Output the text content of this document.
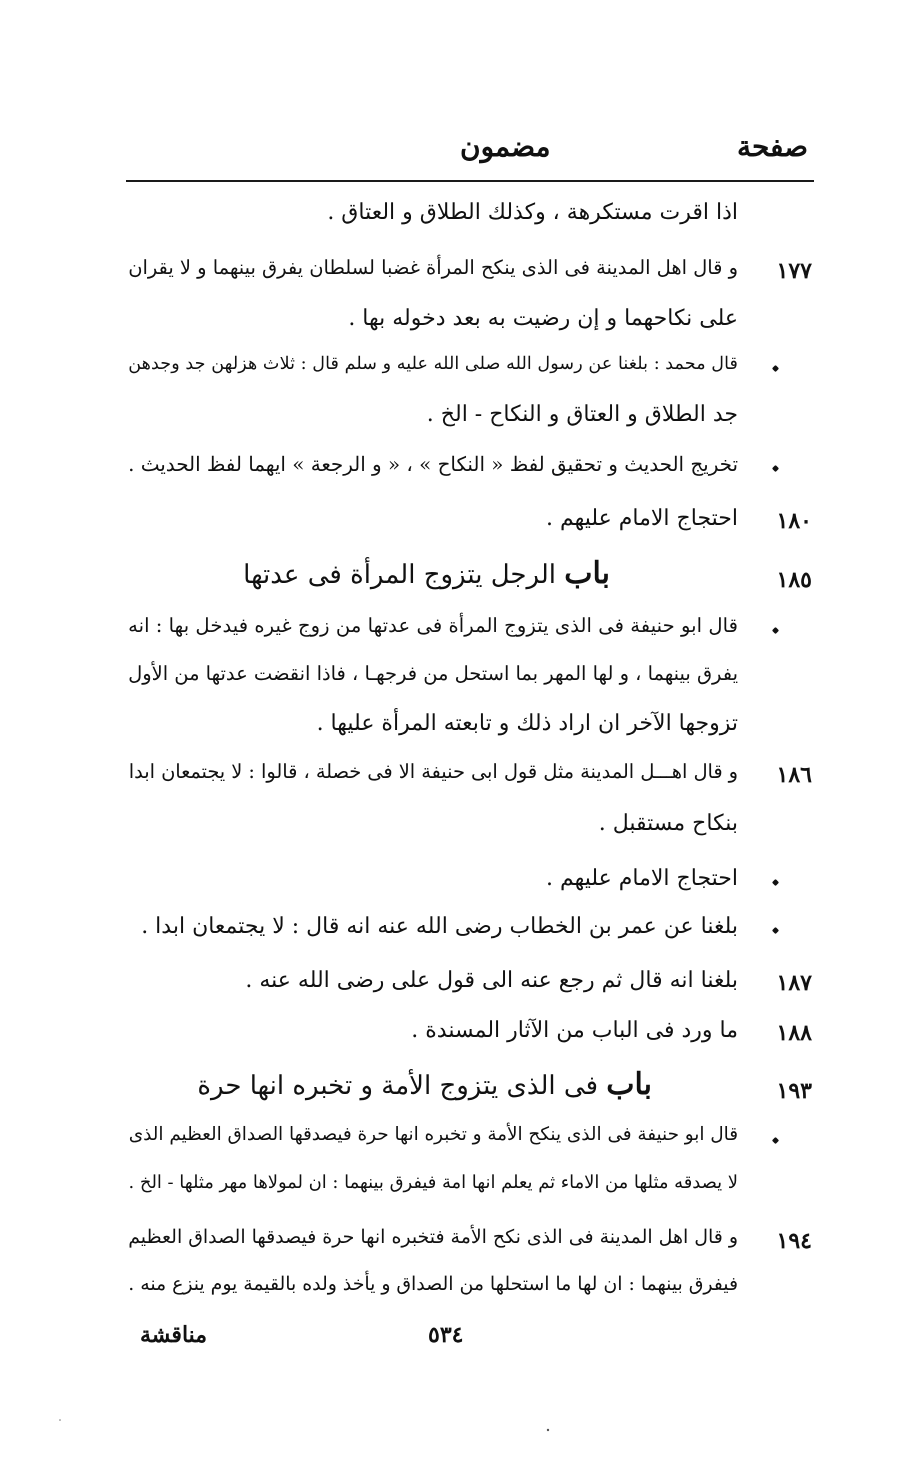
صفحة
مضمون
اذا اقرت مستكرهة ، وكذلك الطلاق و العتاق .
١٧٧
و قال اهل المدينة فى الذى ينكح المرأة غضبا لسلطان يفرق بينهما و لا يقران
على نكاحهما و إن رضيت به بعد دخوله بها .
قال محمد : بلغنا عن رسول الله صلى الله عليه و سلم قال : ثلاث هزلهن جد وجدهن
جد الطلاق و العتاق و النكاح - الخ .
تخريج الحديث و تحقيق لفظ « النكاح » ، « و الرجعة » ايهما لفظ الحديث .
١٨٠
احتجاج الامام عليهم .
١٨٥
باب الرجل يتزوج المرأة فى عدتها
قال ابو حنيفة فى الذى يتزوج المرأة فى عدتها من زوج غيره فيدخل بها : انه
يفرق بينهما ، و لها المهر بما استحل من فرجهـا ، فاذا انقضت عدتها من الأول
تزوجها الآخر ان اراد ذلك و تابعته المرأة عليها .
١٨٦
و قال اهـــل المدينة مثل قول ابى حنيفة الا فى خصلة ، قالوا : لا يجتمعان ابدا
بنكاح مستقبل .
احتجاج الامام عليهم .
بلغنا عن عمر بن الخطاب رضى الله عنه انه قال : لا يجتمعان ابدا .
١٨٧
بلغنا انه قال ثم رجع عنه الى قول على رضى الله عنه .
١٨٨
ما ورد فى الباب من الآثار المسندة .
١٩٣
باب فى الذى يتزوج الأمة و تخبره انها حرة
قال ابو حنيفة فى الذى ينكح الأمة و تخبره انها حرة فيصدقها الصداق العظيم الذى
لا يصدقه مثلها من الاماء ثم يعلم انها امة فيفرق بينهما : ان لمولاها مهر مثلها - الخ .
١٩٤
و قال اهل المدينة فى الذى نكح الأمة فتخبره انها حرة فيصدقها الصداق العظيم
فيفرق بينهما : ان لها ما استحلها من الصداق و يأخذ ولده بالقيمة يوم ينزع منه .
٥٣٤
مناقشة
